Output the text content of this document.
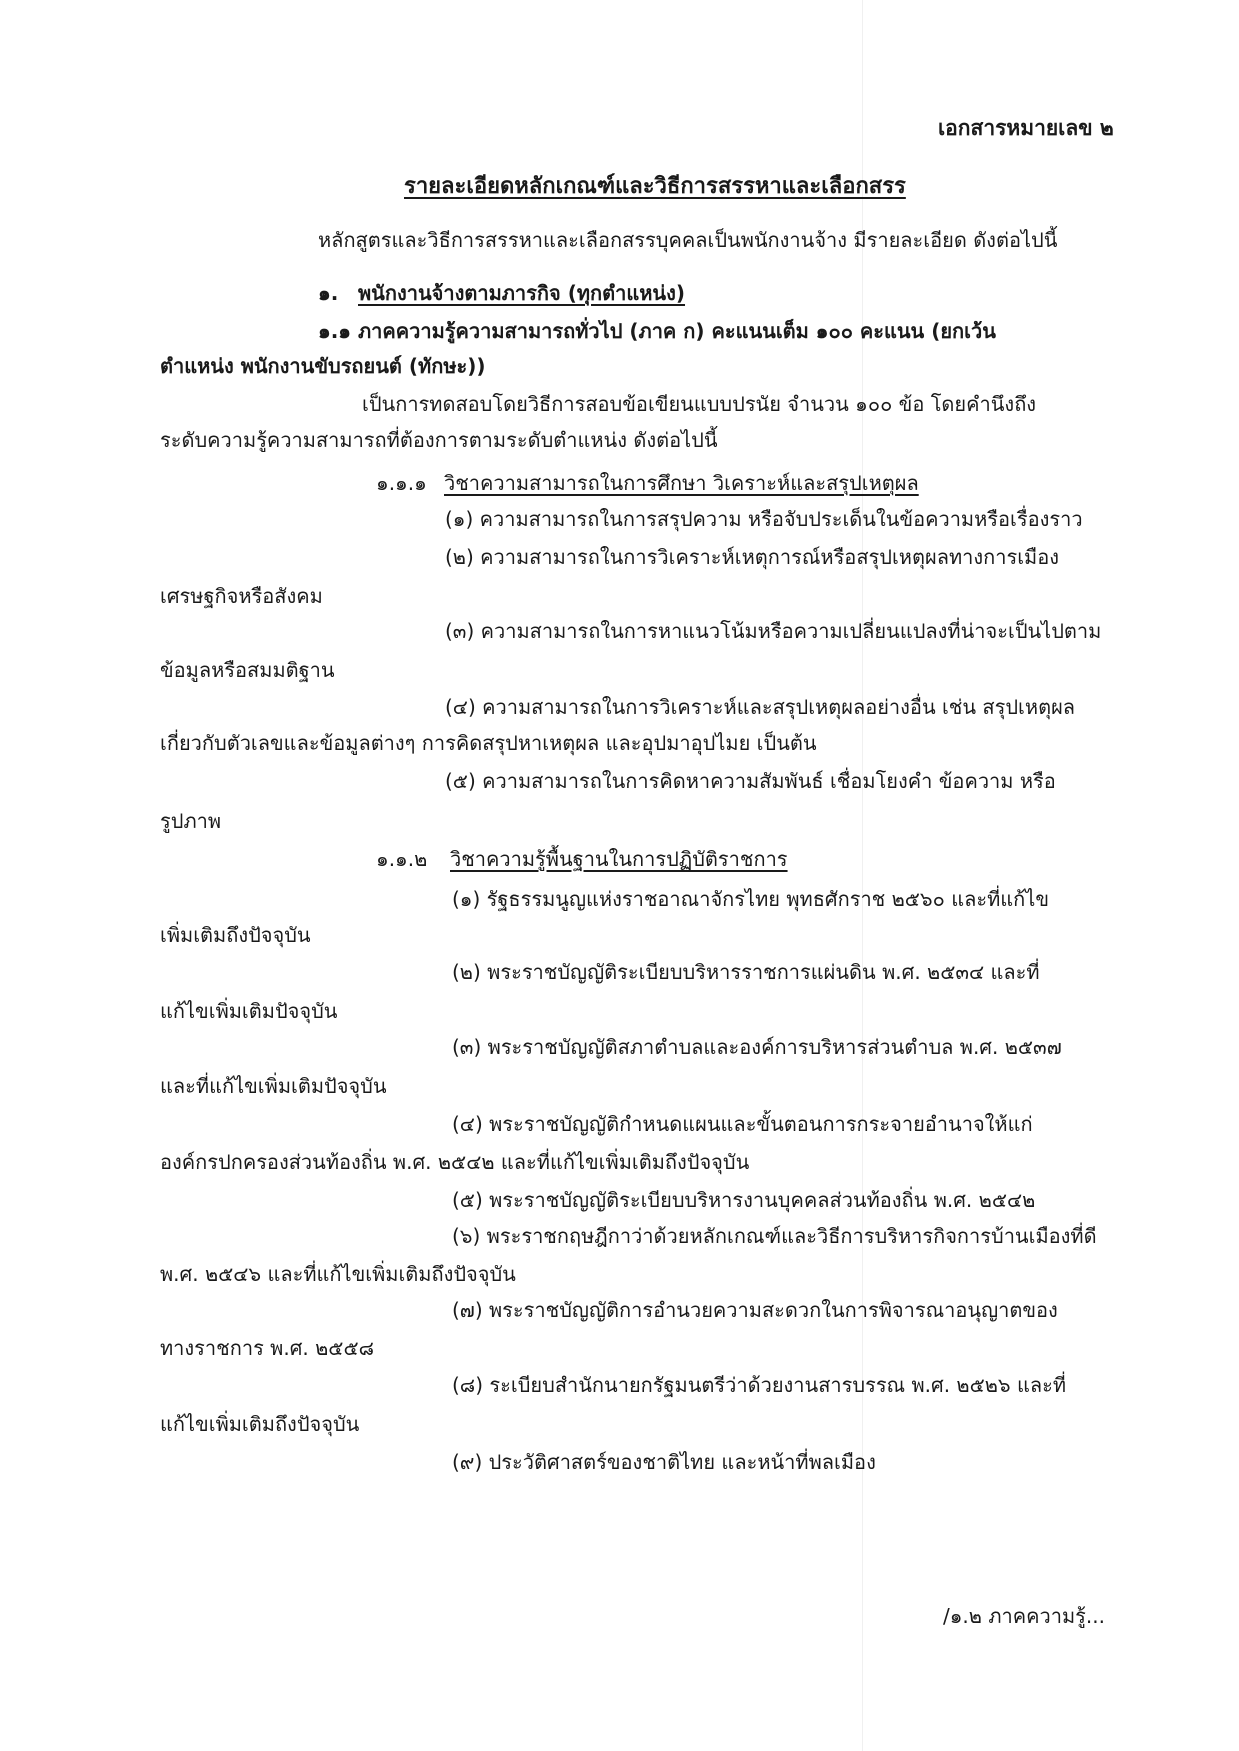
เอกสารหมายเลข ๒
รายละเอียดหลักเกณฑ์และวิธีการสรรหาและเลือกสรร
หลักสูตรและวิธีการสรรหาและเลือกสรรบุคคลเป็นพนักงานจ้าง มีรายละเอียด ดังต่อไปนี้
๑. พนักงานจ้างตามภารกิจ (ทุกตำแหน่ง)
๑.๑ ภาคความรู้ความสามารถทั่วไป (ภาค ก) คะแนนเต็ม ๑๐๐ คะแนน (ยกเว้น
ตำแหน่ง พนักงานขับรถยนต์ (ทักษะ))
เป็นการทดสอบโดยวิธีการสอบข้อเขียนแบบปรนัย จำนวน ๑๐๐ ข้อ โดยคำนึงถึง
ระดับความรู้ความสามารถที่ต้องการตามระดับตำแหน่ง ดังต่อไปนี้
๑.๑.๑ วิชาความสามารถในการศึกษา วิเคราะห์และสรุปเหตุผล
(๑) ความสามารถในการสรุปความ หรือจับประเด็นในข้อความหรือเรื่องราว
(๒) ความสามารถในการวิเคราะห์เหตุการณ์หรือสรุปเหตุผลทางการเมือง
เศรษฐกิจหรือสังคม
(๓) ความสามารถในการหาแนวโน้มหรือความเปลี่ยนแปลงที่น่าจะเป็นไปตาม
ข้อมูลหรือสมมติฐาน
(๔) ความสามารถในการวิเคราะห์และสรุปเหตุผลอย่างอื่น เช่น สรุปเหตุผล
เกี่ยวกับตัวเลขและข้อมูลต่างๆ การคิดสรุปหาเหตุผล และอุปมาอุปไมย เป็นต้น
(๕) ความสามารถในการคิดหาความสัมพันธ์ เชื่อมโยงคำ ข้อความ หรือ
รูปภาพ
๑.๑.๒ วิชาความรู้พื้นฐานในการปฏิบัติราชการ
(๑) รัฐธรรมนูญแห่งราชอาณาจักรไทย พุทธศักราช ๒๕๖๐ และที่แก้ไข
เพิ่มเติมถึงปัจจุบัน
(๒) พระราชบัญญัติระเบียบบริหารราชการแผ่นดิน พ.ศ. ๒๕๓๔ และที่
แก้ไขเพิ่มเติมปัจจุบัน
(๓) พระราชบัญญัติสภาตำบลและองค์การบริหารส่วนตำบล พ.ศ. ๒๕๓๗
และที่แก้ไขเพิ่มเติมปัจจุบัน
(๔) พระราชบัญญัติกำหนดแผนและขั้นตอนการกระจายอำนาจให้แก่
องค์กรปกครองส่วนท้องถิ่น พ.ศ. ๒๕๔๒ และที่แก้ไขเพิ่มเติมถึงปัจจุบัน
(๕) พระราชบัญญัติระเบียบบริหารงานบุคคลส่วนท้องถิ่น พ.ศ. ๒๕๔๒
(๖) พระราชกฤษฎีกาว่าด้วยหลักเกณฑ์และวิธีการบริหารกิจการบ้านเมืองที่ดี
พ.ศ. ๒๕๔๖ และที่แก้ไขเพิ่มเติมถึงปัจจุบัน
(๗) พระราชบัญญัติการอำนวยความสะดวกในการพิจารณาอนุญาตของ
ทางราชการ พ.ศ. ๒๕๕๘
(๘) ระเบียบสำนักนายกรัฐมนตรีว่าด้วยงานสารบรรณ พ.ศ. ๒๕๒๖ และที่
แก้ไขเพิ่มเติมถึงปัจจุบัน
(๙) ประวัติศาสตร์ของชาติไทย และหน้าที่พลเมือง
/๑.๒ ภาคความรู้...
